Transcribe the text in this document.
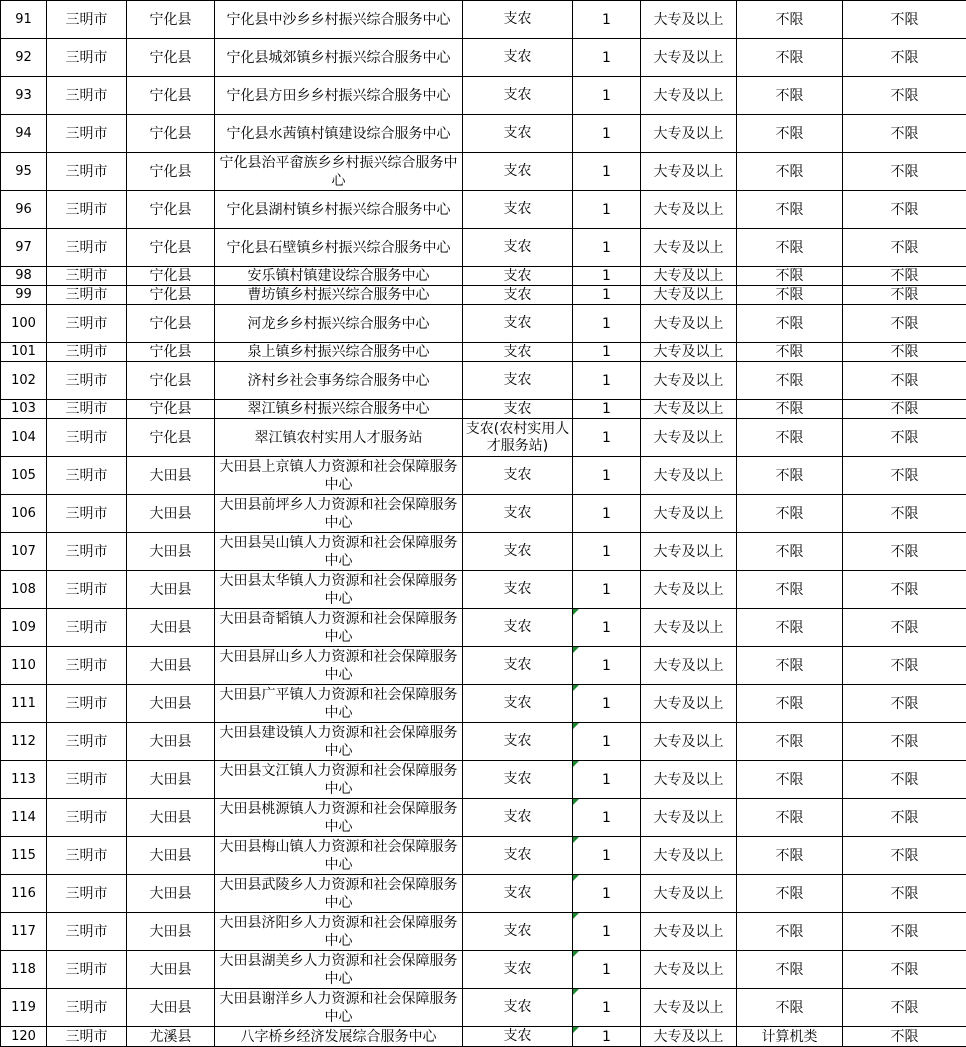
91	三明市	宁化县	宁化县中沙乡乡村振兴综合服务中心	支农	1	大专及以上	不限	不限
92	三明市	宁化县	宁化县城郊镇乡村振兴综合服务中心	支农	1	大专及以上	不限	不限
93	三明市	宁化县	宁化县方田乡乡村振兴综合服务中心	支农	1	大专及以上	不限	不限
94	三明市	宁化县	宁化县水茜镇村镇建设综合服务中心	支农	1	大专及以上	不限	不限
95	三明市	宁化县	宁化县治平畲族乡乡村振兴综合服务中心	支农	1	大专及以上	不限	不限
96	三明市	宁化县	宁化县湖村镇乡村振兴综合服务中心	支农	1	大专及以上	不限	不限
97	三明市	宁化县	宁化县石壁镇乡村振兴综合服务中心	支农	1	大专及以上	不限	不限
98	三明市	宁化县	安乐镇村镇建设综合服务中心	支农	1	大专及以上	不限	不限
99	三明市	宁化县	曹坊镇乡村振兴综合服务中心	支农	1	大专及以上	不限	不限
100	三明市	宁化县	河龙乡乡村振兴综合服务中心	支农	1	大专及以上	不限	不限
101	三明市	宁化县	泉上镇乡村振兴综合服务中心	支农	1	大专及以上	不限	不限
102	三明市	宁化县	济村乡社会事务综合服务中心	支农	1	大专及以上	不限	不限
103	三明市	宁化县	翠江镇乡村振兴综合服务中心	支农	1	大专及以上	不限	不限
104	三明市	宁化县	翠江镇农村实用人才服务站	支农(农村实用人才服务站)	1	大专及以上	不限	不限
105	三明市	大田县	大田县上京镇人力资源和社会保障服务中心	支农	1	大专及以上	不限	不限
106	三明市	大田县	大田县前坪乡人力资源和社会保障服务中心	支农	1	大专及以上	不限	不限
107	三明市	大田县	大田县吴山镇人力资源和社会保障服务中心	支农	1	大专及以上	不限	不限
108	三明市	大田县	大田县太华镇人力资源和社会保障服务中心	支农	1	大专及以上	不限	不限
109	三明市	大田县	大田县奇韬镇人力资源和社会保障服务中心	支农	1	大专及以上	不限	不限
110	三明市	大田县	大田县屏山乡人力资源和社会保障服务中心	支农	1	大专及以上	不限	不限
111	三明市	大田县	大田县广平镇人力资源和社会保障服务中心	支农	1	大专及以上	不限	不限
112	三明市	大田县	大田县建设镇人力资源和社会保障服务中心	支农	1	大专及以上	不限	不限
113	三明市	大田县	大田县文江镇人力资源和社会保障服务中心	支农	1	大专及以上	不限	不限
114	三明市	大田县	大田县桃源镇人力资源和社会保障服务中心	支农	1	大专及以上	不限	不限
115	三明市	大田县	大田县梅山镇人力资源和社会保障服务中心	支农	1	大专及以上	不限	不限
116	三明市	大田县	大田县武陵乡人力资源和社会保障服务中心	支农	1	大专及以上	不限	不限
117	三明市	大田县	大田县济阳乡人力资源和社会保障服务中心	支农	1	大专及以上	不限	不限
118	三明市	大田县	大田县湖美乡人力资源和社会保障服务中心	支农	1	大专及以上	不限	不限
119	三明市	大田县	大田县谢洋乡人力资源和社会保障服务中心	支农	1	大专及以上	不限	不限
120	三明市	尤溪县	八字桥乡经济发展综合服务中心	支农	1	大专及以上	计算机类	不限
